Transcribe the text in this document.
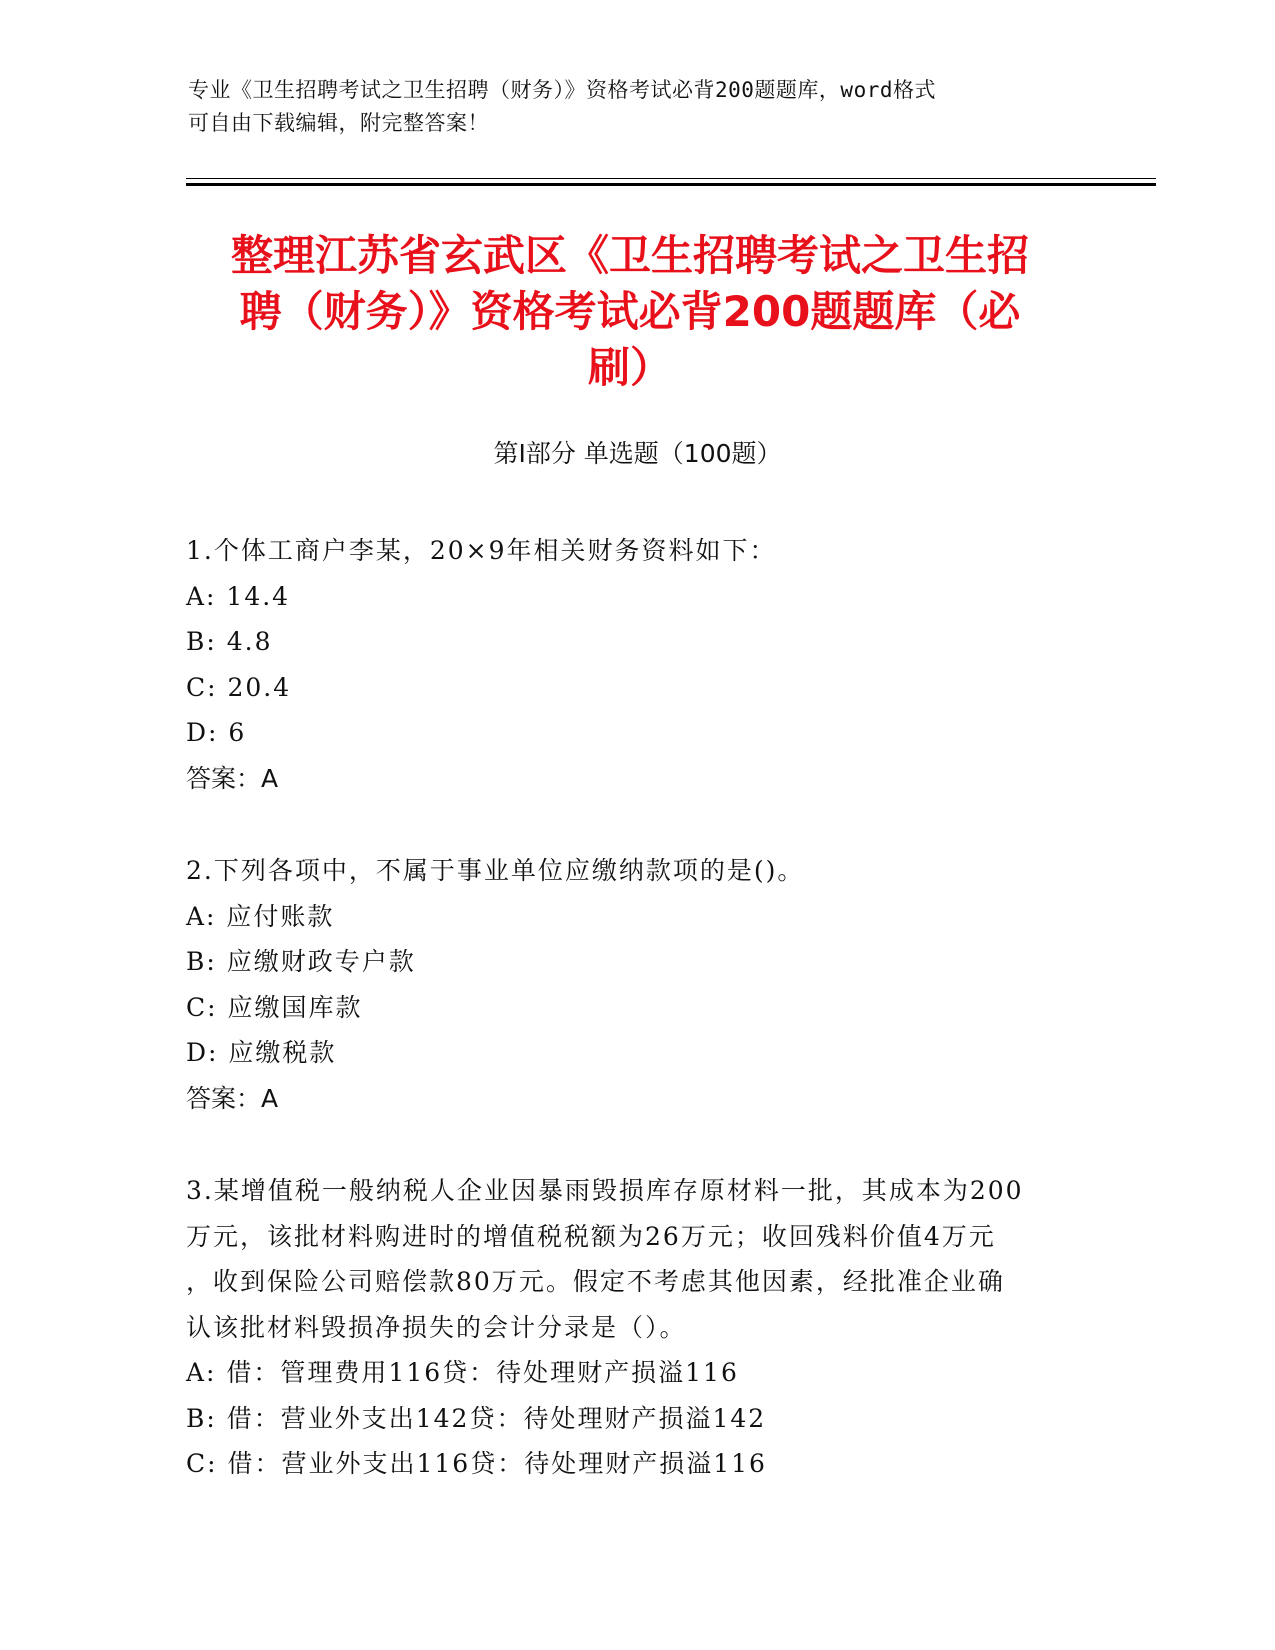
专业《卫生招聘考试之卫生招聘（财务）》资格考试必背200题题库，word格式
可自由下载编辑，附完整答案！
整理江苏省玄武区《卫生招聘考试之卫生招
聘（财务）》资格考试必背200题题库（必
刷）
第I部分 单选题（100题）
1.个体工商户李某，20×9年相关财务资料如下：
A: 14.4
B: 4.8
C: 20.4
D: 6
答案：A
2.下列各项中，不属于事业单位应缴纳款项的是()。
A: 应付账款
B: 应缴财政专户款
C: 应缴国库款
D: 应缴税款
答案：A
3.某增值税一般纳税人企业因暴雨毁损库存原材料一批，其成本为200
万元，该批材料购进时的增值税税额为26万元；收回残料价值4万元
，收到保险公司赔偿款80万元。假定不考虑其他因素，经批准企业确
认该批材料毁损净损失的会计分录是（）。
A: 借：管理费用116贷：待处理财产损溢116
B: 借：营业外支出142贷：待处理财产损溢142
C: 借：营业外支出116贷：待处理财产损溢116
